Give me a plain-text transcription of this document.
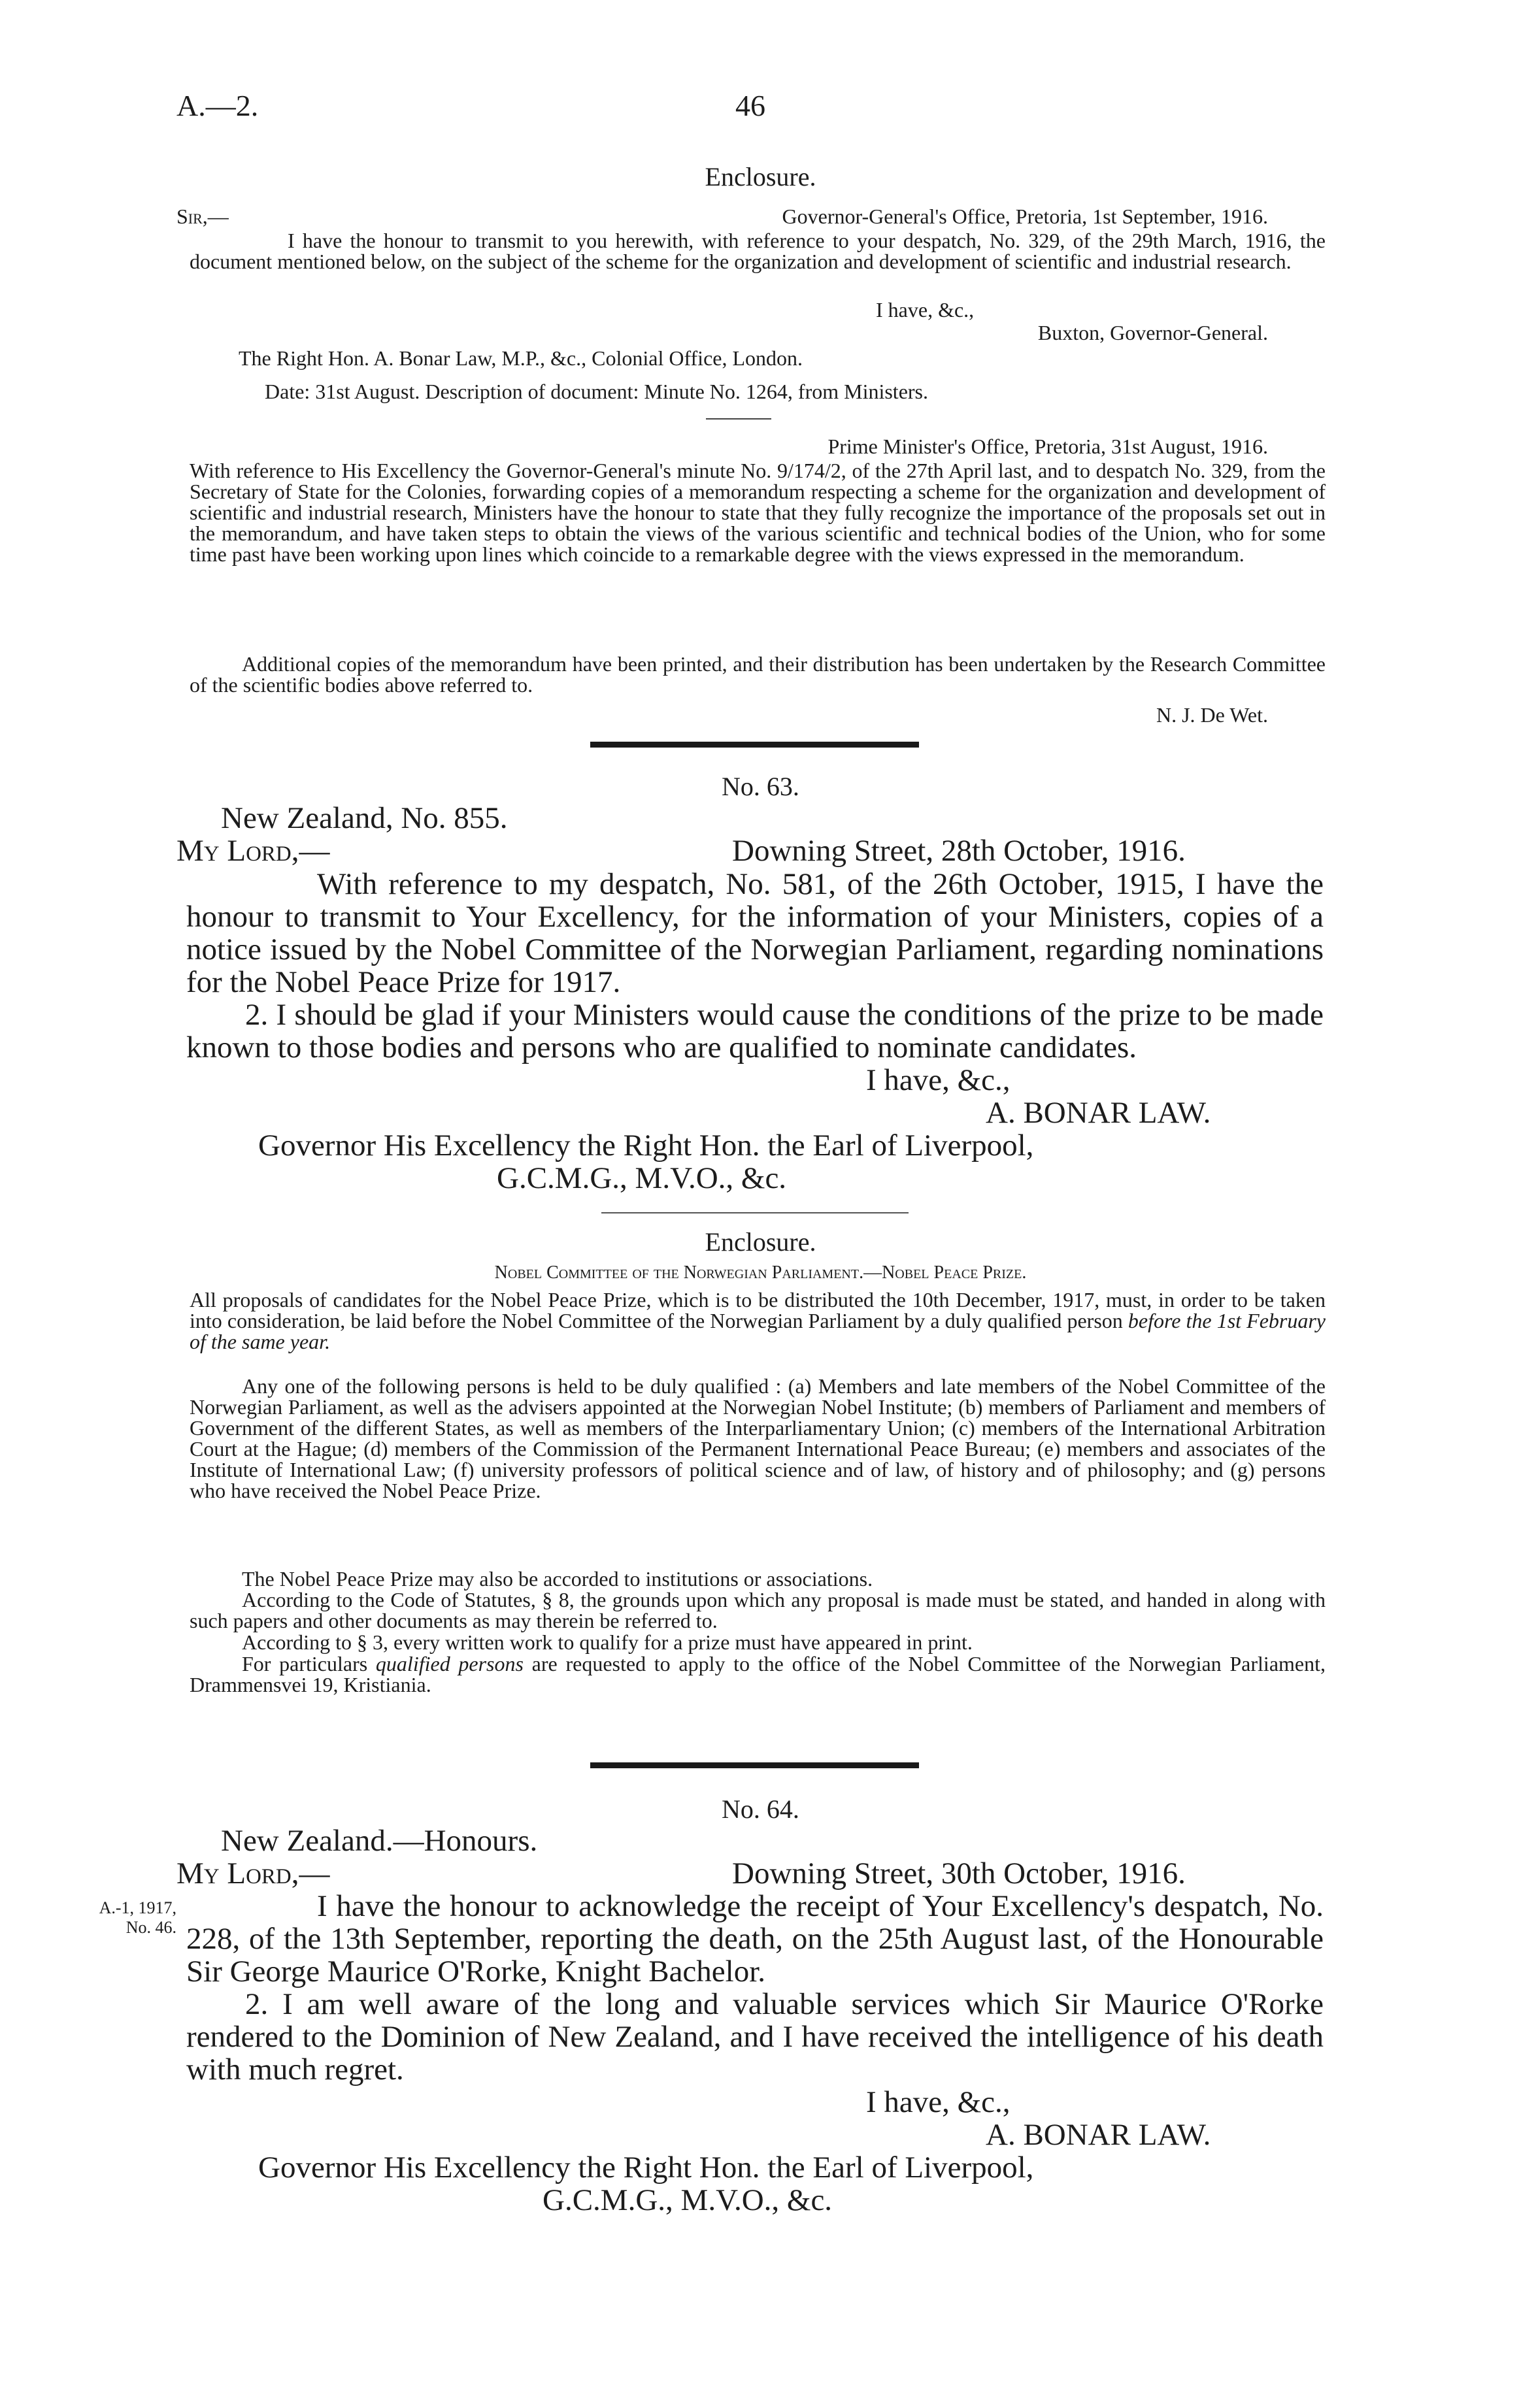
A.—2.	46
Enclosure.
Sir,—	Governor-General's Office, Pretoria, 1st September, 1916.

I have the honour to transmit to you herewith, with reference to your despatch, No. 329, of the 29th March, 1916, the document mentioned below, on the subject of the scheme for the organization and development of scientific and industrial research.

I have, &c.,
Buxton, Governor-General.
The Right Hon. A. Bonar Law, M.P., &c., Colonial Office, London.
Date: 31st August. Description of document: Minute No. 1264, from Ministers.
Prime Minister's Office, Pretoria, 31st August, 1916.

With reference to His Excellency the Governor-General's minute No. 9/174/2, of the 27th April last, and to despatch No. 329, from the Secretary of State for the Colonies, forwarding copies of a memorandum respecting a scheme for the organization and development of scientific and industrial research, Ministers have the honour to state that they fully recognize the importance of the proposals set out in the memorandum, and have taken steps to obtain the views of the various scientific and technical bodies of the Union, who for some time past have been working upon lines which coincide to a remarkable degree with the views expressed in the memorandum.

Additional copies of the memorandum have been printed, and their distribution has been undertaken by the Research Committee of the scientific bodies above referred to.

N. J. De Wet.
No. 63.
New Zealand, No. 855.
My Lord,—	Downing Street, 28th October, 1916.

With reference to my despatch, No. 581, of the 26th October, 1915, I have the honour to transmit to Your Excellency, for the information of your Ministers, copies of a notice issued by the Nobel Committee of the Norwegian Parliament, regarding nominations for the Nobel Peace Prize for 1917.

2. I should be glad if your Ministers would cause the conditions of the prize to be made known to those bodies and persons who are qualified to nominate candidates.

I have, &c.,
A. BONAR LAW.
Governor His Excellency the Right Hon. the Earl of Liverpool,
G.C.M.G., M.V.O., &c.
Enclosure.
Nobel Committee of the Norwegian Parliament.—Nobel Peace Prize.

All proposals of candidates for the Nobel Peace Prize, which is to be distributed the 10th December, 1917, must, in order to be taken into consideration, be laid before the Nobel Committee of the Norwegian Parliament by a duly qualified person before the 1st February of the same year.

Any one of the following persons is held to be duly qualified : (a) Members and late members of the Nobel Committee of the Norwegian Parliament, as well as the advisers appointed at the Norwegian Nobel Institute; (b) members of Parliament and members of Government of the different States, as well as members of the Interparliamentary Union; (c) members of the International Arbitration Court at the Hague; (d) members of the Commission of the Permanent International Peace Bureau; (e) members and associates of the Institute of International Law; (f) university professors of political science and of law, of history and of philosophy; and (g) persons who have received the Nobel Peace Prize.

The Nobel Peace Prize may also be accorded to institutions or associations.

According to the Code of Statutes, § 8, the grounds upon which any proposal is made must be stated, and handed in along with such papers and other documents as may therein be referred to.

According to § 3, every written work to qualify for a prize must have appeared in print.

For particulars qualified persons are requested to apply to the office of the Nobel Committee of the Norwegian Parliament, Drammensvei 19, Kristiania.

No. 64.
New Zealand.—Honours.
My Lord,—	Downing Street, 30th October, 1916.
A.-1, 1917,
No. 46.

I have the honour to acknowledge the receipt of Your Excellency's despatch, No. 228, of the 13th September, reporting the death, on the 25th August last, of the Honourable Sir George Maurice O'Rorke, Knight Bachelor.

2. I am well aware of the long and valuable services which Sir Maurice O'Rorke rendered to the Dominion of New Zealand, and I have received the intelligence of his death with much regret.

I have, &c.,
A. BONAR LAW.
Governor His Excellency the Right Hon. the Earl of Liverpool,
G.C.M.G., M.V.O., &c.
